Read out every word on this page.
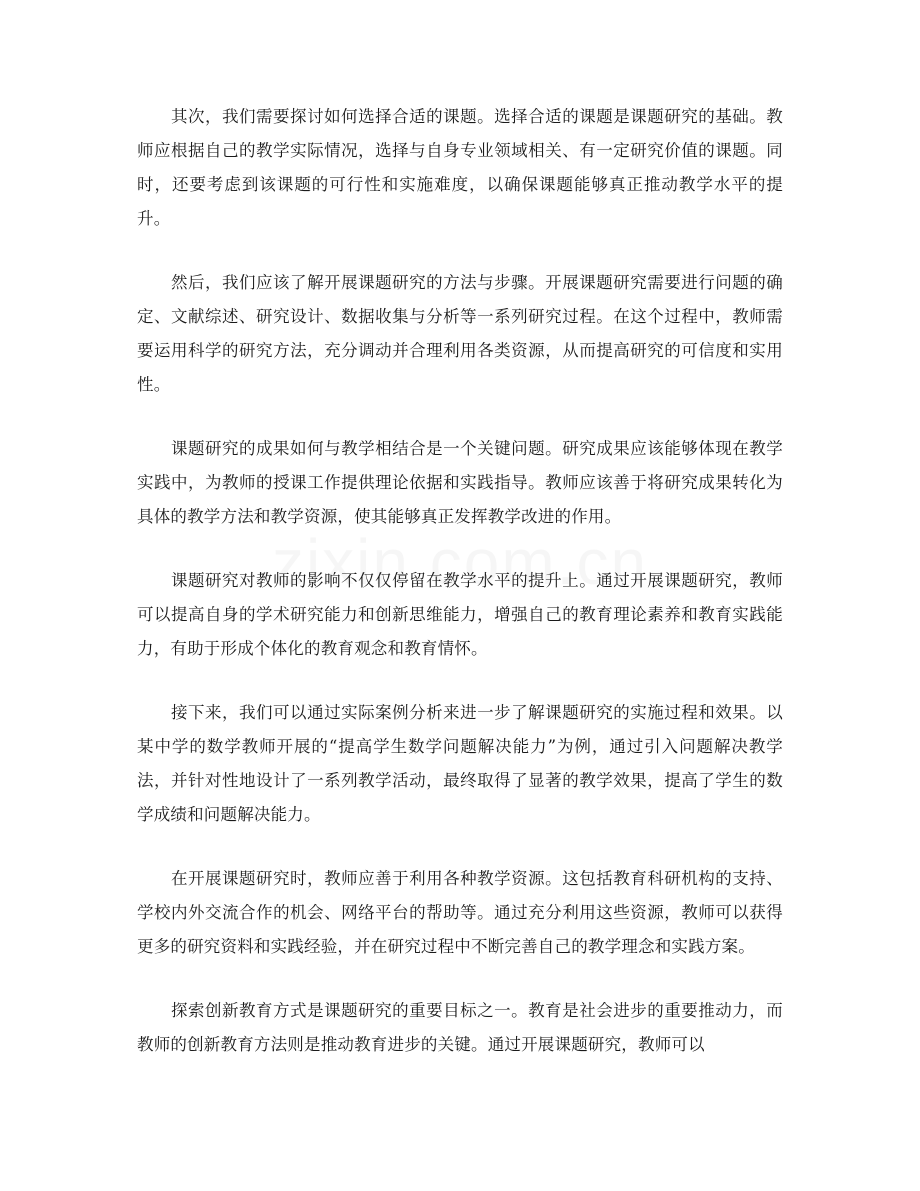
其次，我们需要探讨如何选择合适的课题。选择合适的课题是课题研究的基础。教师应根据自己的教学实际情况，选择与自身专业领域相关、有一定研究价值的课题。同时，还要考虑到该课题的可行性和实施难度，以确保课题能够真正推动教学水平的提升。

然后，我们应该了解开展课题研究的方法与步骤。开展课题研究需要进行问题的确定、文献综述、研究设计、数据收集与分析等一系列研究过程。在这个过程中，教师需要运用科学的研究方法，充分调动并合理利用各类资源，从而提高研究的可信度和实用性。

课题研究的成果如何与教学相结合是一个关键问题。研究成果应该能够体现在教学实践中，为教师的授课工作提供理论依据和实践指导。教师应该善于将研究成果转化为具体的教学方法和教学资源，使其能够真正发挥教学改进的作用。

课题研究对教师的影响不仅仅停留在教学水平的提升上。通过开展课题研究，教师可以提高自身的学术研究能力和创新思维能力，增强自己的教育理论素养和教育实践能力，有助于形成个体化的教育观念和教育情怀。

接下来，我们可以通过实际案例分析来进一步了解课题研究的实施过程和效果。以某中学的数学教师开展的“提高学生数学问题解决能力”为例，通过引入问题解决教学法，并针对性地设计了一系列教学活动，最终取得了显著的教学效果，提高了学生的数学成绩和问题解决能力。

在开展课题研究时，教师应善于利用各种教学资源。这包括教育科研机构的支持、学校内外交流合作的机会、网络平台的帮助等。通过充分利用这些资源，教师可以获得更多的研究资料和实践经验，并在研究过程中不断完善自己的教学理念和实践方案。

探索创新教育方式是课题研究的重要目标之一。教育是社会进步的重要推动力，而教师的创新教育方法则是推动教育进步的关键。通过开展课题研究，教师可以
